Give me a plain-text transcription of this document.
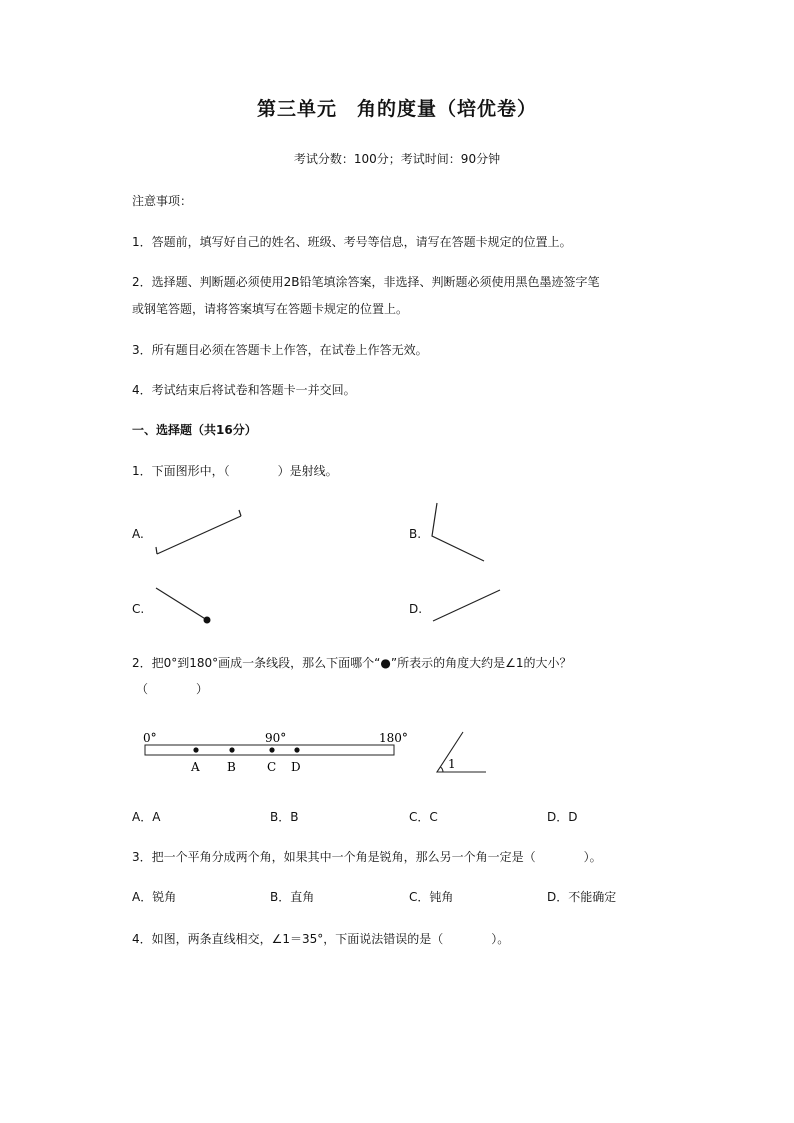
第三单元　角的度量（培优卷）
考试分数：100分；考试时间：90分钟
注意事项：
1．答题前，填写好自己的姓名、班级、考号等信息，请写在答题卡规定的位置上。
2．选择题、判断题必须使用2B铅笔填涂答案，非选择、判断题必须使用黑色墨迹签字笔
或钢笔答题，请将答案填写在答题卡规定的位置上。
3．所有题目必须在答题卡上作答，在试卷上作答无效。
4．考试结束后将试卷和答题卡一并交回。
一、选择题（共16分）
1．下面图形中，（　　　　）是射线。
A.	B.
C.	D.
2．把0°到180°画成一条线段，那么下面哪个“●”所表示的角度大约是∠1的大小？
（　　　　）
0°	90°	180°
A B	C D	1
A．A	B．B	C．C	D．D
3．把一个平角分成两个角，如果其中一个角是锐角，那么另一个角一定是（　　　　）。
A．锐角	B．直角	C．钝角	D．不能确定
4．如图，两条直线相交，∠1＝35°，下面说法错误的是（　　　　）。
